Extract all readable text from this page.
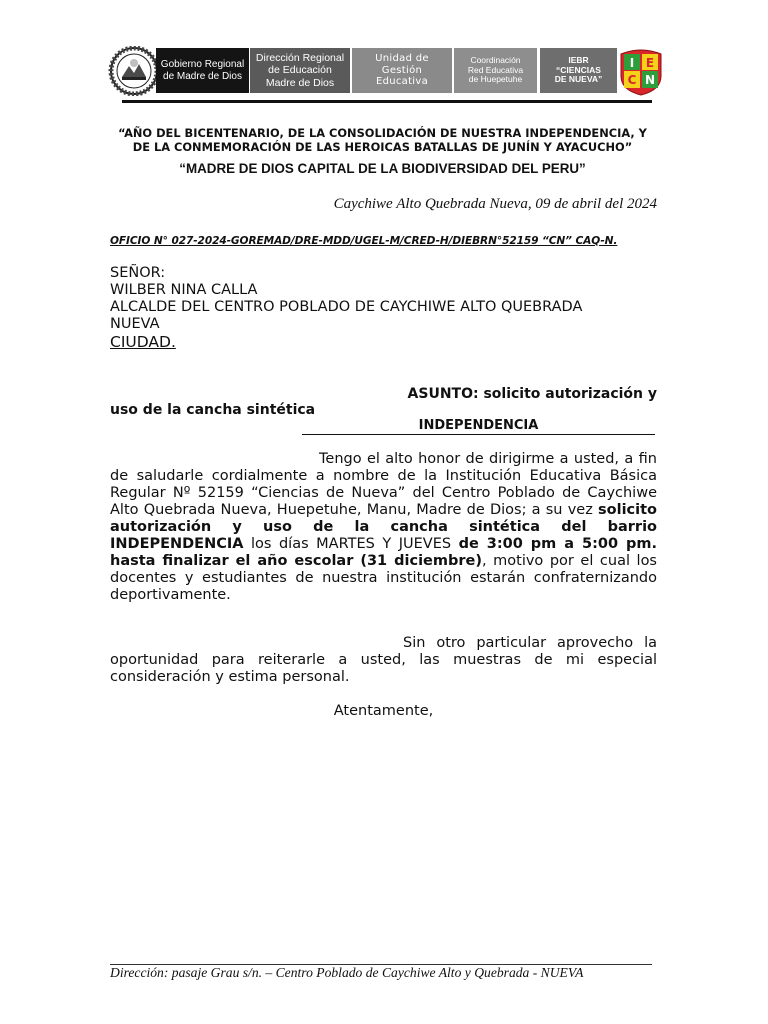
Gobierno Regional
de Madre de Dios
Dirección Regional
de Educación
Madre de Dios
Unidad de
Gestión
Educativa
Coordinación
Red Educativa
de Huepetuhe
IEBR
“CIENCIAS
DE NUEVA”
I E
C N
“AÑO DEL BICENTENARIO, DE LA CONSOLIDACIÓN DE NUESTRA INDEPENDENCIA, Y
DE LA CONMEMORACIÓN DE LAS HEROICAS BATALLAS DE JUNÍN Y AYACUCHO”
“MADRE DE DIOS CAPITAL DE LA BIODIVERSIDAD DEL PERU”
Caychiwe Alto Quebrada Nueva, 09 de abril del 2024
OFICIO N° 027-2024-GOREMAD/DRE-MDD/UGEL-M/CRED-H/DIEBRN°52159 “CN” CAQ-N.
SEÑOR:
WILBER NINA CALLA
ALCALDE DEL CENTRO POBLADO DE CAYCHIWE ALTO QUEBRADA
NUEVA
CIUDAD.
ASUNTO: solicito autorización y
uso de la cancha sintética
INDEPENDENCIA

Tengo el alto honor de dirigirme a usted, a fin de saludarle cordialmente a nombre de la Institución Educativa Básica Regular Nº 52159 “Ciencias de Nueva” del Centro Poblado de Caychiwe Alto Quebrada Nueva, Huepetuhe, Manu, Madre de Dios; a su vez solicito autorización y uso de la cancha sintética del barrio INDEPENDENCIA los días MARTES Y JUEVES de 3:00 pm a 5:00 pm. hasta finalizar el año escolar (31 diciembre), motivo por el cual los docentes y estudiantes de nuestra institución estarán confraternizando deportivamente.

Sin otro particular aprovecho la oportunidad para reiterarle a usted, las muestras de mi especial consideración y estima personal.

Atentamente,
Dirección: pasaje Grau s/n. – Centro Poblado de Caychiwe Alto y Quebrada - NUEVA
